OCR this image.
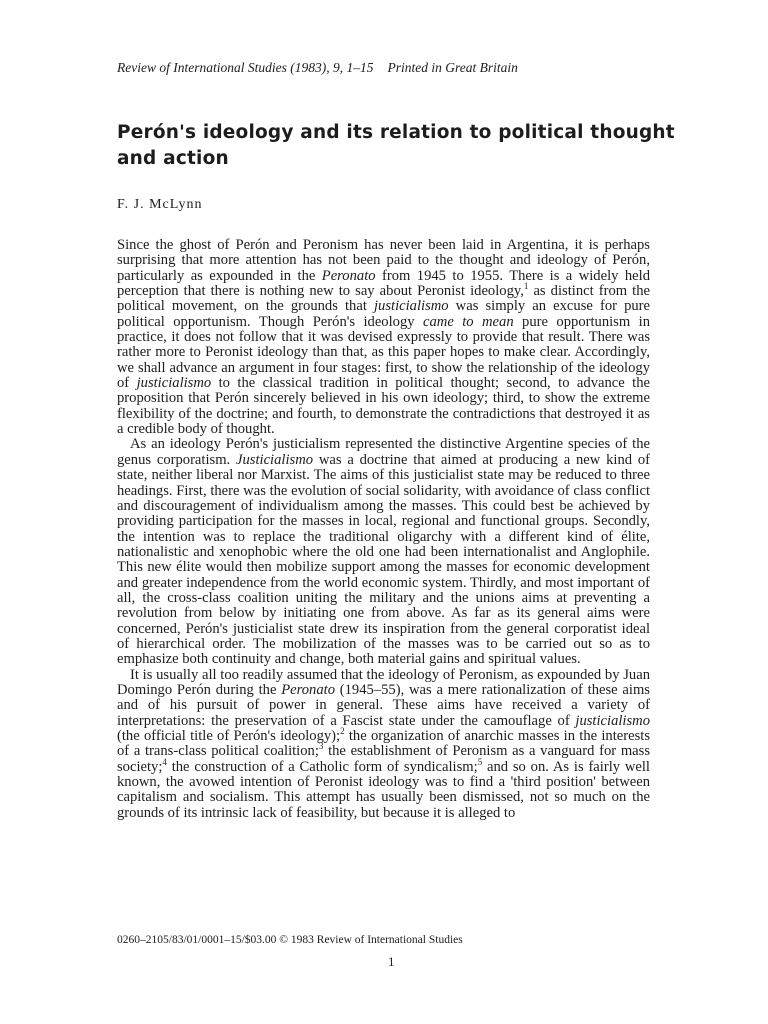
Review of International Studies (1983), 9, 1–15 Printed in Great Britain
Perón's ideology and its relation to political thought and action
F. J. McLynn

Since the ghost of Perón and Peronism has never been laid in Argentina, it is perhaps surprising that more attention has not been paid to the thought and ideology of Perón, particularly as expounded in the Peronato from 1945 to 1955. There is a widely held perception that there is nothing new to say about Peronist ideology,$^1$ as distinct from the political movement, on the grounds that justicialismo was simply an excuse for pure political opportunism. Though Perón's ideology came to mean pure opportunism in practice, it does not follow that it was devised expressly to provide that result. There was rather more to Peronist ideology than that, as this paper hopes to make clear. Accordingly, we shall advance an argument in four stages: first, to show the relationship of the ideology of justicialismo to the classical tradition in political thought; second, to advance the proposition that Perón sincerely believed in his own ideology; third, to show the extreme flexibility of the doctrine; and fourth, to demonstrate the contradictions that destroyed it as a credible body of thought.

As an ideology Perón's justicialism represented the distinctive Argentine species of the genus corporatism. Justicialismo was a doctrine that aimed at producing a new kind of state, neither liberal nor Marxist. The aims of this justicialist state may be reduced to three headings. First, there was the evolution of social solidarity, with avoidance of class conflict and discouragement of individualism among the masses. This could best be achieved by providing participation for the masses in local, regional and functional groups. Secondly, the intention was to replace the traditional oligarchy with a different kind of élite, nationalistic and xenophobic where the old one had been internationalist and Anglophile. This new élite would then mobilize support among the masses for economic development and greater independence from the world economic system. Thirdly, and most important of all, the cross-class coalition uniting the military and the unions aims at preventing a revolution from below by initiating one from above. As far as its general aims were concerned, Perón's justicialist state drew its inspiration from the general corporatist ideal of hierarchical order. The mobilization of the masses was to be carried out so as to emphasize both continuity and change, both material gains and spiritual values.

It is usually all too readily assumed that the ideology of Peronism, as expounded by Juan Domingo Perón during the Peronato (1945–55), was a mere rationalization of these aims and of his pursuit of power in general. These aims have received a variety of interpretations: the preservation of a Fascist state under the camouflage of justicialismo (the official title of Perón's ideology);$^2$ the organization of anarchic masses in the interests of a trans-class political coalition;$^3$ the establishment of Peronism as a vanguard for mass society;$^4$ the construction of a Catholic form of syndicalism;$^5$ and so on. As is fairly well known, the avowed intention of Peronist ideology was to find a 'third position' between capitalism and socialism. This attempt has usually been dismissed, not so much on the grounds of its intrinsic lack of feasibility, but because it is alleged to

0260–2105/83/01/0001–15/$03.00 © 1983 Review of International Studies
1
